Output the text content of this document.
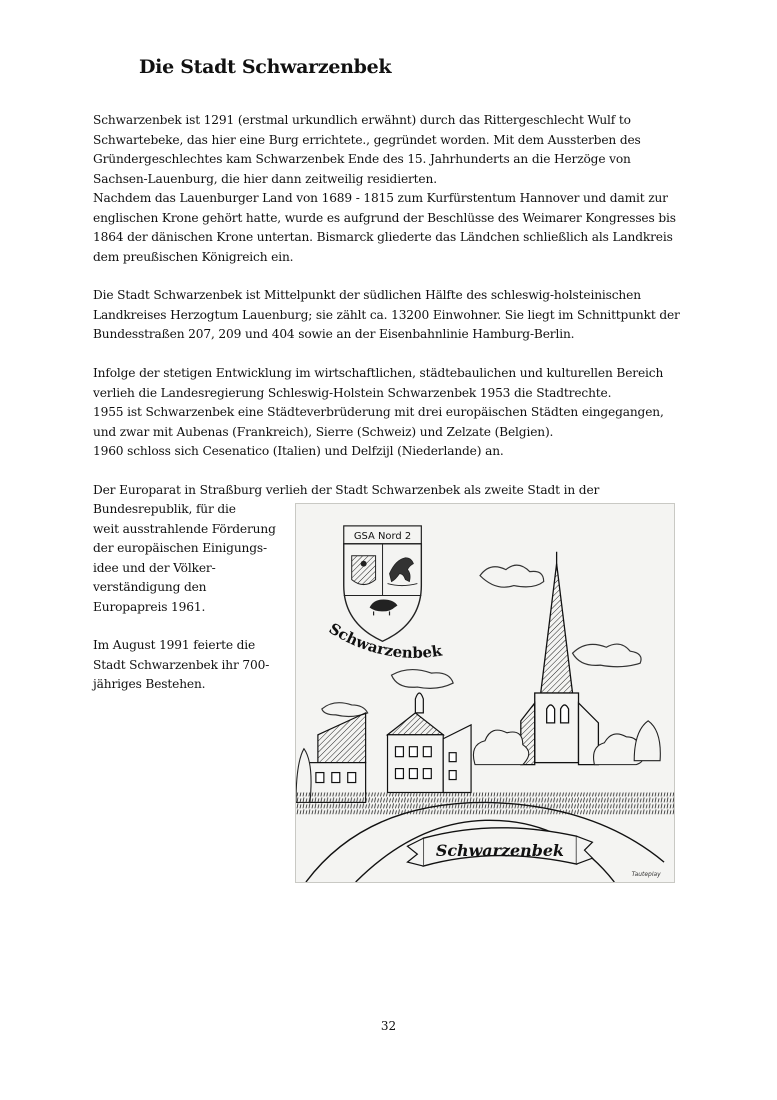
Die Stadt Schwarzenbek
Schwarzenbek ist 1291 (erstmal urkundlich erwähnt) durch das Rittergeschlecht Wulf to
Schwartebeke, das hier eine Burg errichtete., gegründet worden. Mit dem Aussterben des
Gründergeschlechtes kam Schwarzenbek Ende des 15. Jahrhunderts an die Herzöge von
Sachsen-Lauenburg, die hier dann zeitweilig residierten.
Nachdem das Lauenburger Land von 1689 - 1815 zum Kurfürstentum Hannover und damit zur
englischen Krone gehört hatte, wurde es aufgrund der Beschlüsse des Weimarer Kongresses bis
1864 der dänischen Krone untertan. Bismarck gliederte das Ländchen schließlich als Landkreis
dem preußischen Königreich ein.
Die Stadt Schwarzenbek ist Mittelpunkt der südlichen Hälfte des schleswig-holsteinischen
Landkreises Herzogtum Lauenburg; sie zählt ca. 13200 Einwohner. Sie liegt im Schnittpunkt der
Bundesstraßen 207, 209 und 404 sowie an der Eisenbahnlinie Hamburg-Berlin.
Infolge der stetigen Entwicklung im wirtschaftlichen, städtebaulichen und kulturellen Bereich
verlieh die Landesregierung Schleswig-Holstein Schwarzenbek 1953 die Stadtrechte.
1955 ist Schwarzenbek eine Städteverbrüderung mit drei europäischen Städten eingegangen,
und zwar mit Aubenas (Frankreich), Sierre (Schweiz) und Zelzate (Belgien).
1960 schloss sich Cesenatico (Italien) und Delfzijl (Niederlande) an.
Der Europarat in Straßburg verlieh der Stadt Schwarzenbek als zweite Stadt in der
Bundesrepublik, für die
weit ausstrahlende Förderung
der europäischen Einigungs-
idee und der Völker-
verständigung den
Europapreis 1961.
Im August 1991 feierte die
Stadt Schwarzenbek ihr 700-
jähriges Bestehen.
GSA Nord 2
Schwarzenbek
Schwarzenbek
Tauteplay
32
